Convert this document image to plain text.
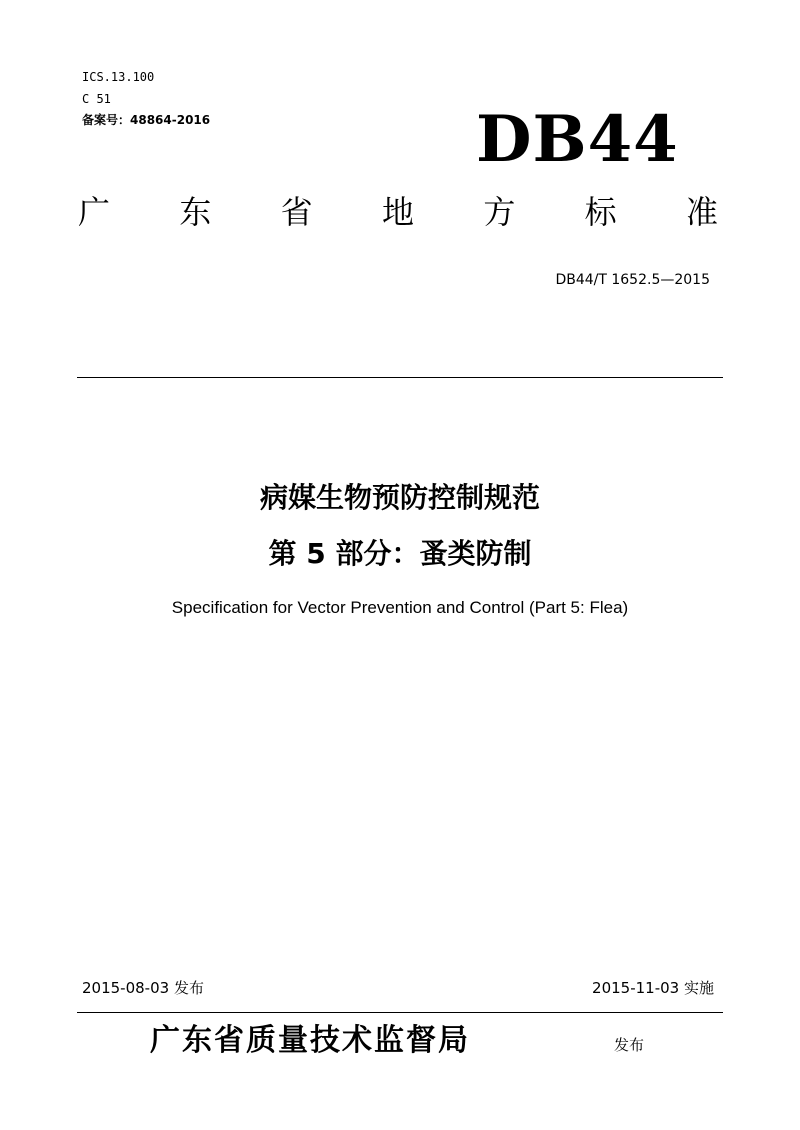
ICS.13.100
C 51
备案号：48864-2016	DB44
广 东 省 地 方 标 准
DB44/T 1652.5—2015
病媒生物预防控制规范
第 5 部分：蚤类防制
Specification for Vector Prevention and Control (Part 5: Flea)
2015-08-03 发布	2015-11-03 实施
广东省质量技术监督局	发布
